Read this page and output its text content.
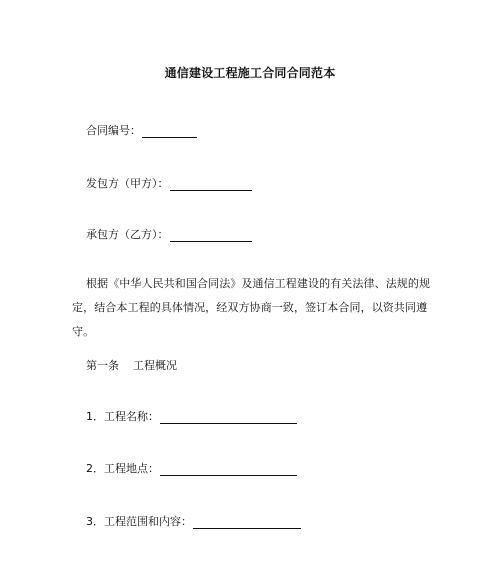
通信建设工程施工合同合同范本
合同编号：
发包方（甲方）：
承包方（乙方）：
根据《中华人民共和国合同法》及通信工程建设的有关法律、法规的规定，结合本工程的具体情况，经双方协商一致，签订本合同，以资共同遵守。
第一条    工程概况
1．工程名称：
2．工程地点：
3．工程范围和内容：
